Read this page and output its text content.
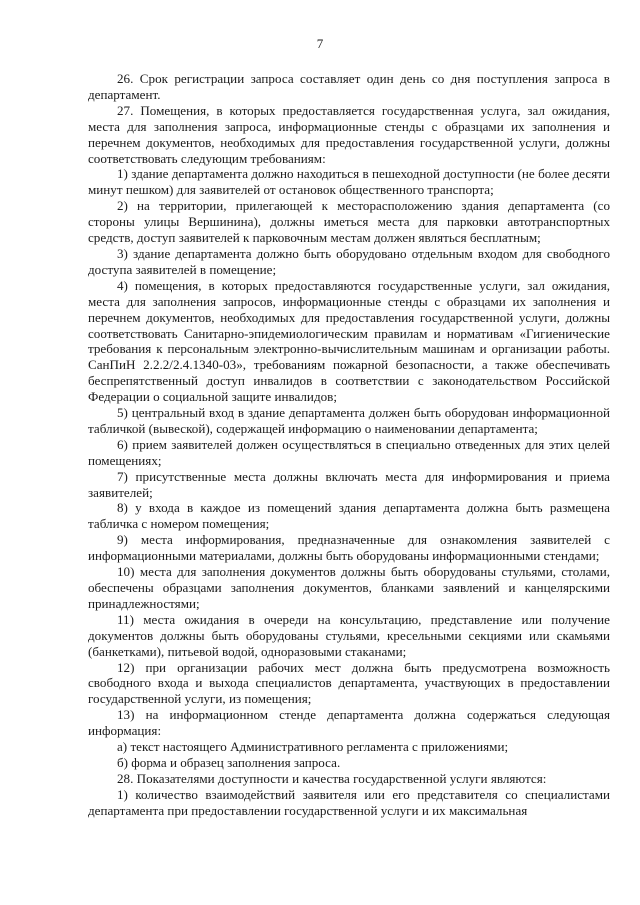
7

26. Срок регистрации запроса составляет один день со дня поступления запроса в департамент.

27. Помещения, в которых предоставляется государственная услуга, зал ожидания, места для заполнения запроса, информационные стенды с образцами их заполнения и перечнем документов, необходимых для предоставления государственной услуги, должны соответствовать следующим требованиям:

1) здание департамента должно находиться в пешеходной доступности (не более десяти минут пешком) для заявителей от остановок общественного транспорта;

2) на территории, прилегающей к месторасположению здания департамента (со стороны улицы Вершинина), должны иметься места для парковки автотранспортных средств, доступ заявителей к парковочным местам должен являться бесплатным;

3) здание департамента должно быть оборудовано отдельным входом для свободного доступа заявителей в помещение;

4) помещения, в которых предоставляются государственные услуги, зал ожидания, места для заполнения запросов, информационные стенды с образцами их заполнения и перечнем документов, необходимых для предоставления государственной услуги, должны соответствовать Санитарно-эпидемиологическим правилам и нормативам «Гигиенические требования к персональным электронно-вычислительным машинам и организации работы. СанПиН 2.2.2/2.4.1340-03», требованиям пожарной безопасности, а также обеспечивать беспрепятственный доступ инвалидов в соответствии с законодательством Российской Федерации о социальной защите инвалидов;

5) центральный вход в здание департамента должен быть оборудован информационной табличкой (вывеской), содержащей информацию о наименовании департамента;

6) прием заявителей должен осуществляться в специально отведенных для этих целей помещениях;

7) присутственные места должны включать места для информирования и приема заявителей;

8) у входа в каждое из помещений здания департамента должна быть размещена табличка с номером помещения;

9) места информирования, предназначенные для ознакомления заявителей с информационными материалами, должны быть оборудованы информационными стендами;

10) места для заполнения документов должны быть оборудованы стульями, столами, обеспечены образцами заполнения документов, бланками заявлений и канцелярскими принадлежностями;

11) места ожидания в очереди на консультацию, представление или получение документов должны быть оборудованы стульями, кресельными секциями или скамьями (банкетками), питьевой водой, одноразовыми стаканами;

12) при организации рабочих мест должна быть предусмотрена возможность свободного входа и выхода специалистов департамента, участвующих в предоставлении государственной услуги, из помещения;

13) на информационном стенде департамента должна содержаться следующая информация:

а) текст настоящего Административного регламента с приложениями;

б) форма и образец заполнения запроса.

28. Показателями доступности и качества государственной услуги являются:

1) количество взаимодействий заявителя или его представителя со специалистами департамента при предоставлении государственной услуги и их максимальная
